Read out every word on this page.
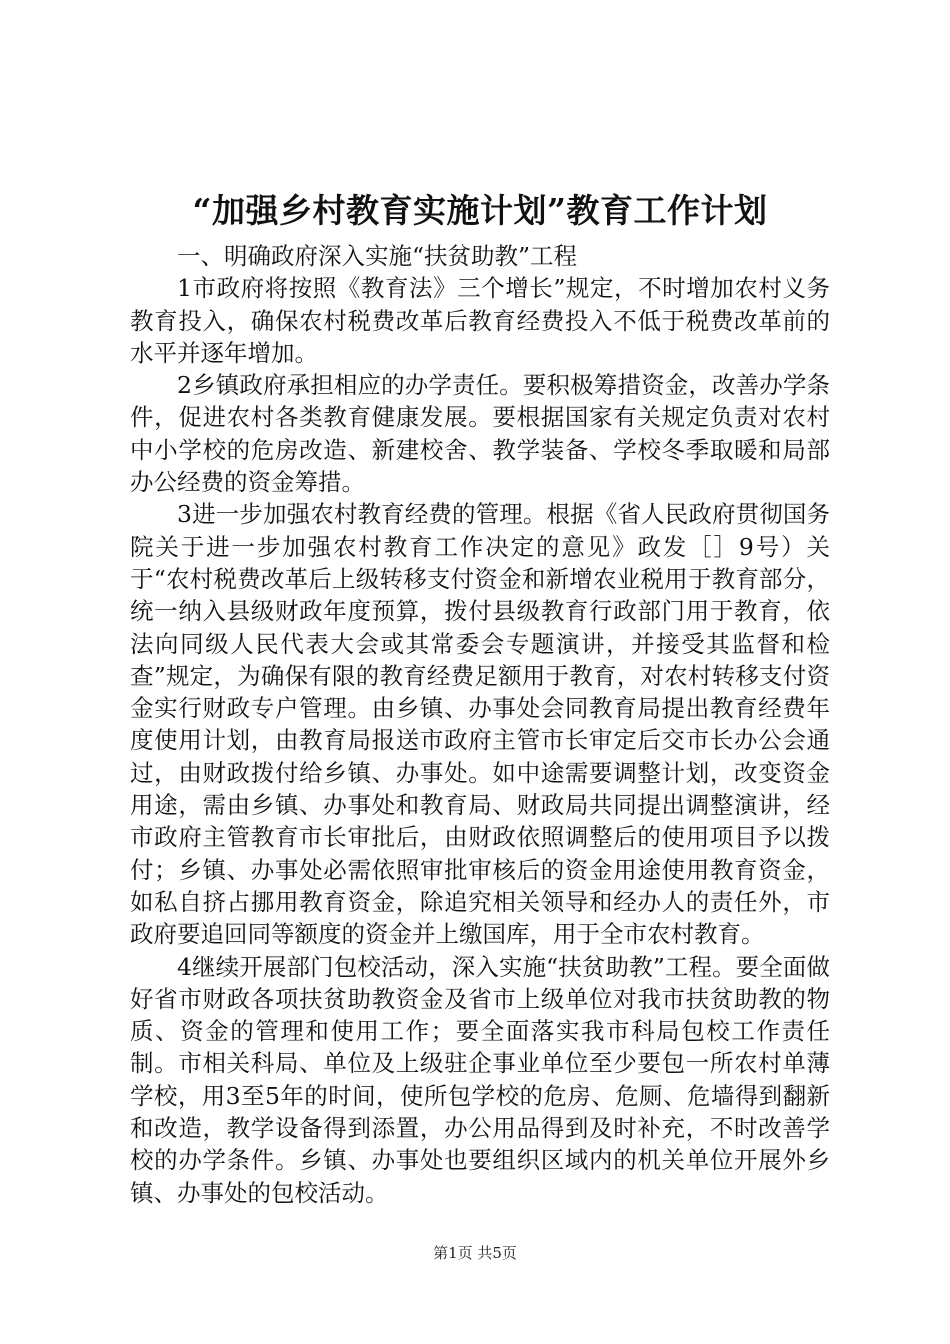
“加强乡村教育实施计划”教育工作计划

一、明确政府深入实施“扶贫助教”工程

1市政府将按照《教育法》三个增长”规定，不时增加农村义务教育投入，确保农村税费改革后教育经费投入不低于税费改革前的水平并逐年增加。

2乡镇政府承担相应的办学责任。要积极筹措资金，改善办学条件，促进农村各类教育健康发展。要根据国家有关规定负责对农村中小学校的危房改造、新建校舍、教学装备、学校冬季取暖和局部办公经费的资金筹措。

3进一步加强农村教育经费的管理。根据《省人民政府贯彻国务院关于进一步加强农村教育工作决定的意见》政发［］9号）关于“农村税费改革后上级转移支付资金和新增农业税用于教育部分，统一纳入县级财政年度预算，拨付县级教育行政部门用于教育，依法向同级人民代表大会或其常委会专题演讲，并接受其监督和检查”规定，为确保有限的教育经费足额用于教育，对农村转移支付资金实行财政专户管理。由乡镇、办事处会同教育局提出教育经费年度使用计划，由教育局报送市政府主管市长审定后交市长办公会通过，由财政拨付给乡镇、办事处。如中途需要调整计划，改变资金用途，需由乡镇、办事处和教育局、财政局共同提出调整演讲，经市政府主管教育市长审批后，由财政依照调整后的使用项目予以拨付；乡镇、办事处必需依照审批审核后的资金用途使用教育资金，如私自挤占挪用教育资金，除追究相关领导和经办人的责任外，市政府要追回同等额度的资金并上缴国库，用于全市农村教育。

4继续开展部门包校活动，深入实施“扶贫助教”工程。要全面做好省市财政各项扶贫助教资金及省市上级单位对我市扶贫助教的物质、资金的管理和使用工作；要全面落实我市科局包校工作责任制。市相关科局、单位及上级驻企事业单位至少要包一所农村单薄学校，用3至5年的时间，使所包学校的危房、危厕、危墙得到翻新和改造，教学设备得到添置，办公用品得到及时补充，不时改善学校的办学条件。乡镇、办事处也要组织区域内的机关单位开展外乡镇、办事处的包校活动。

第1页 共5页
